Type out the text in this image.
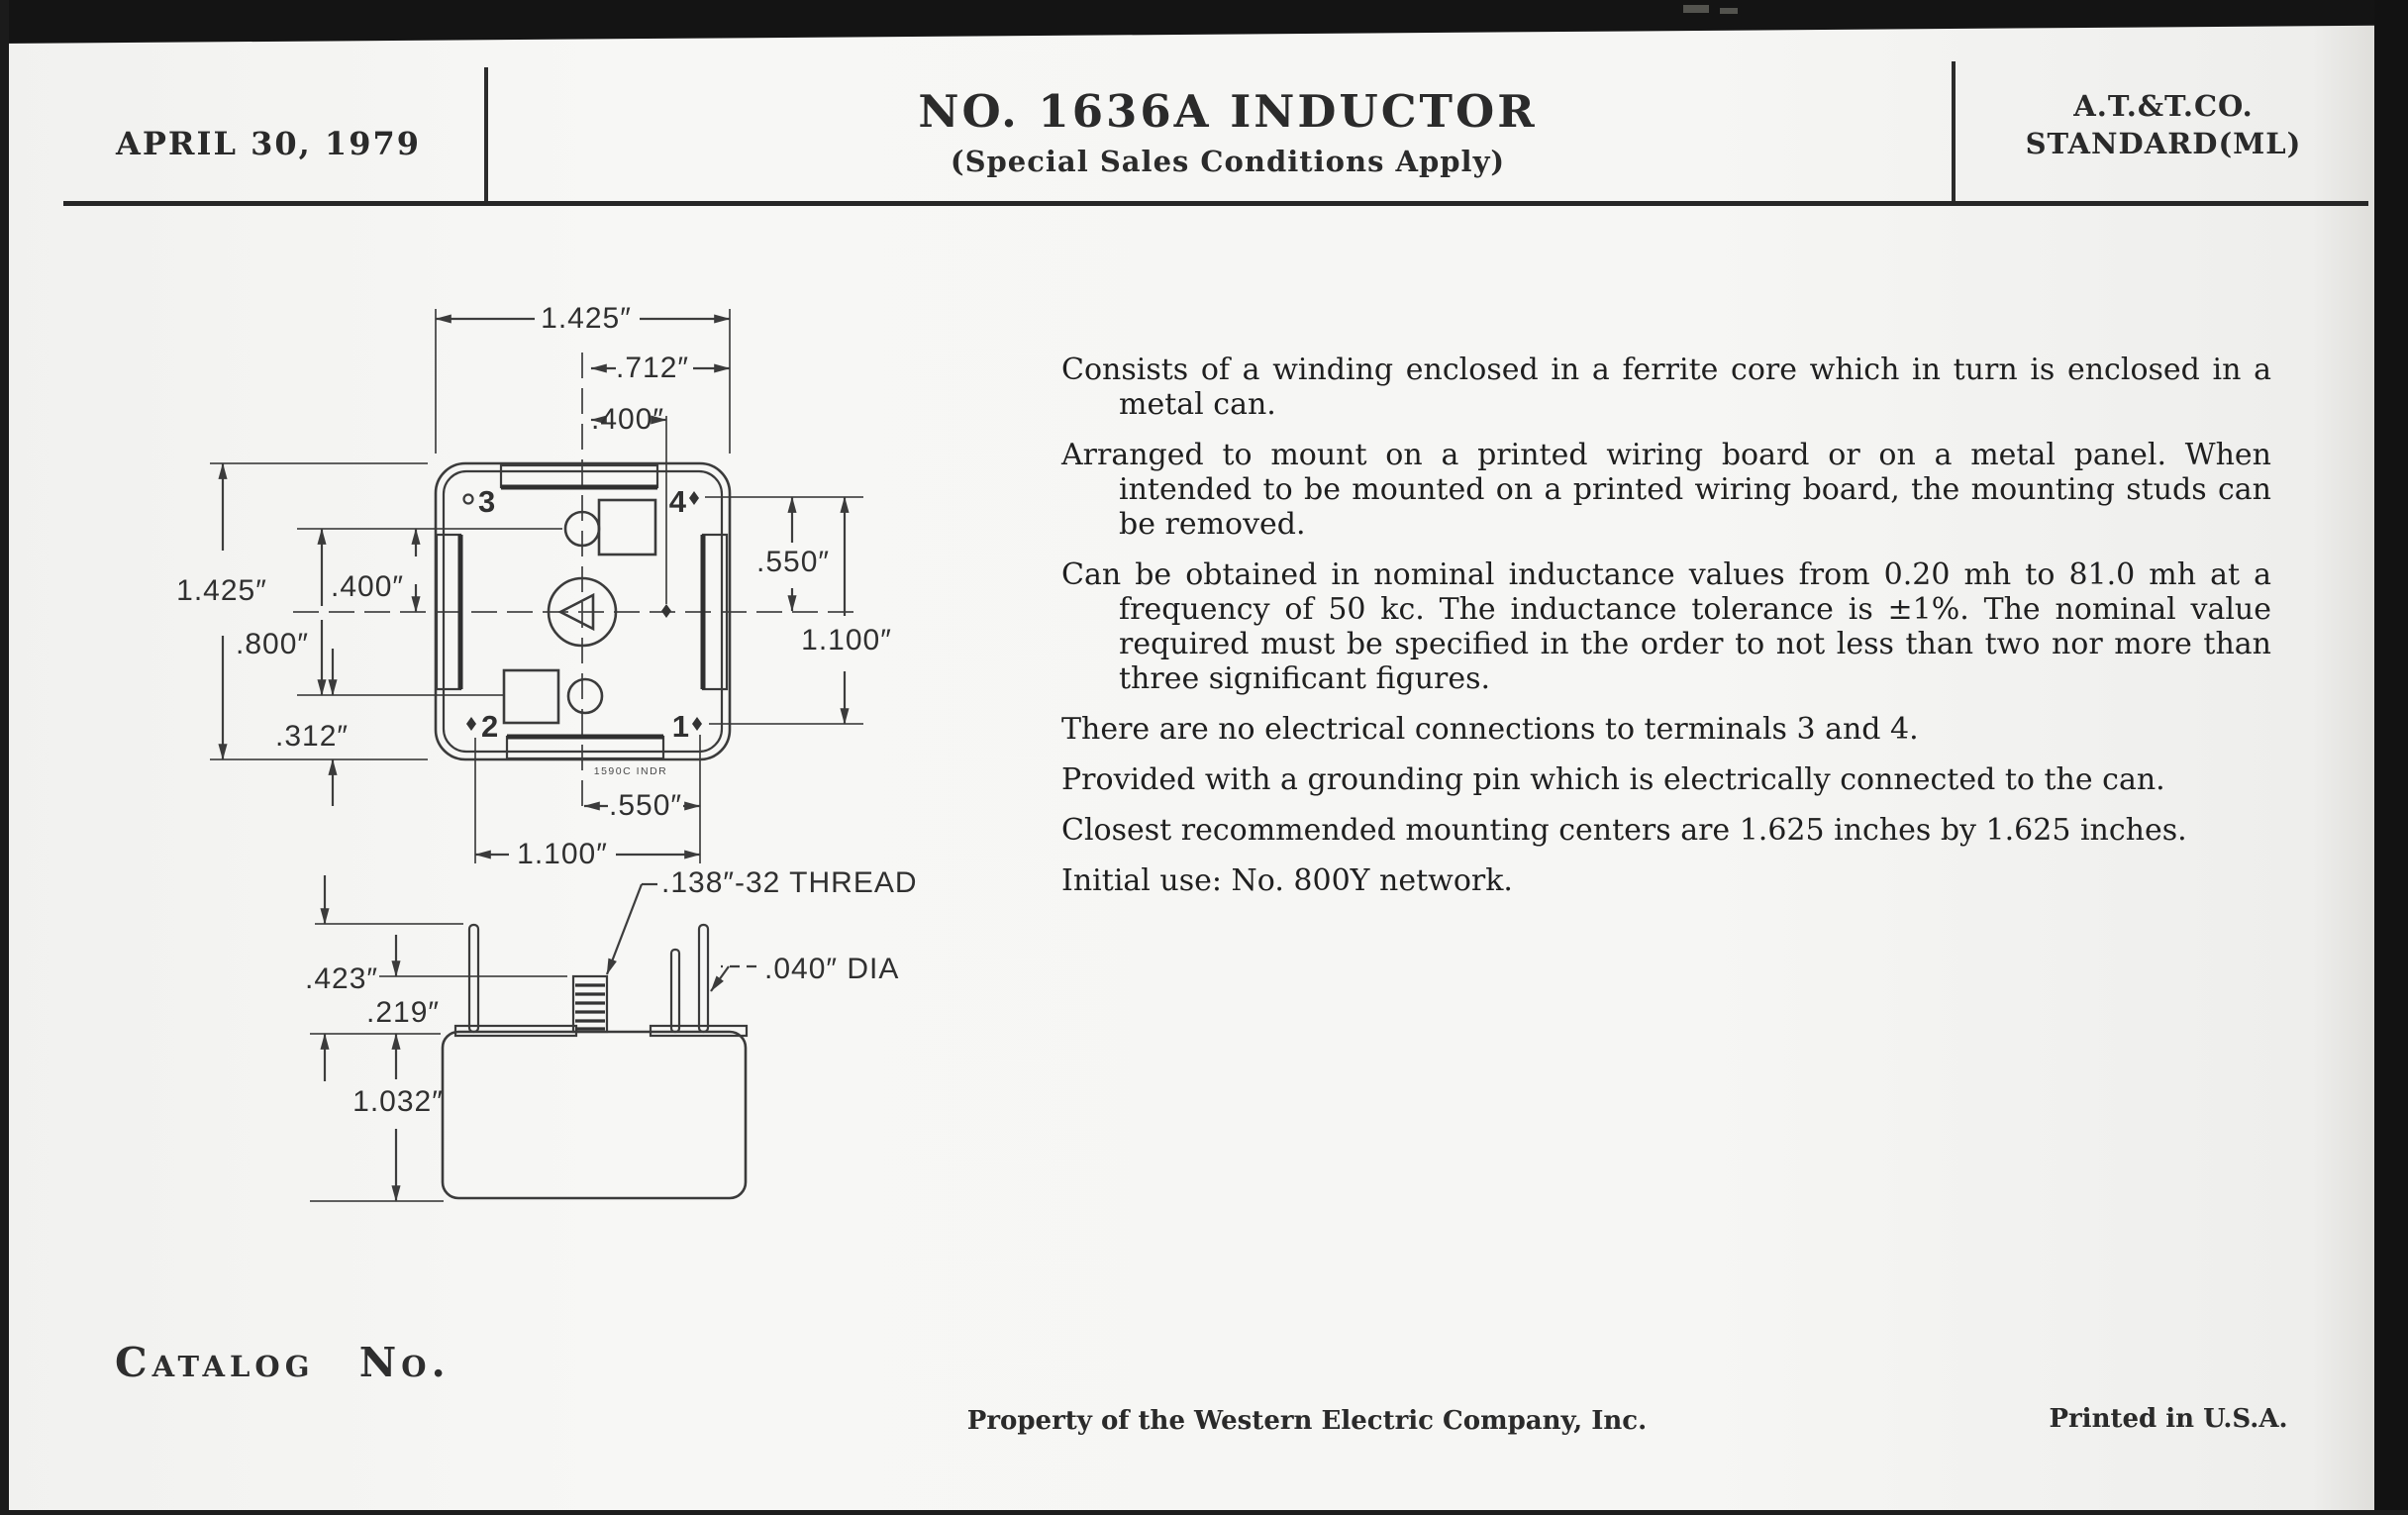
APRIL 30, 1979
NO. 1636A INDUCTOR
(Special Sales Conditions Apply)
A.T.&T.CO.
STANDARD(ML)

Consists of a winding enclosed in a ferrite core which in turn is enclosed in a metal can.

Arranged to mount on a printed wiring board or on a metal panel. When intended to be mounted on a printed wiring board, the mounting studs can be removed.

Can be obtained in nominal inductance values from 0.20 mh to 81.0 mh at a frequency of 50 kc. The inductance tolerance is ±1%. The nominal value required must be specified in the order to not less than two nor more than three significant figures.

There are no electrical connections to terminals 3 and 4.

Provided with a grounding pin which is electrically connected to the can.

Closest recommended mounting centers are 1.625 inches by 1.625 inches.

Initial use: No. 800Y network.

3	4
2	1
1590C INDR
1.425″
.712″
.400″
1.425″ .400″
.800″
.312″
.550″
1.100″
.550″
1.100″
.423″
.219″
1.032″
.138″-32 THREAD
.040″ DIA
Catalog No.
Property of the Western Electric Company, Inc.	Printed in U.S.A.
